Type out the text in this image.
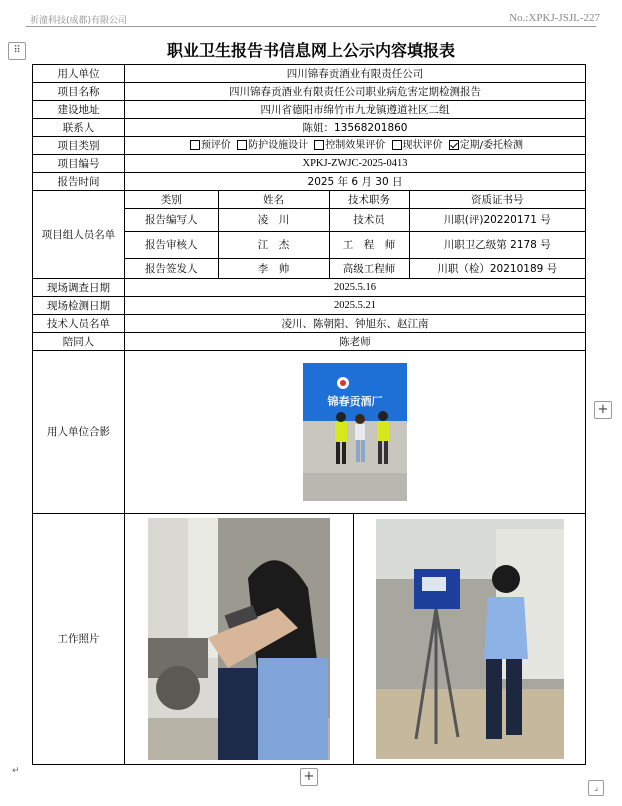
祈潼科技(成都)有限公司	No.:XPKJ-JSJL-227
⠿	职业卫生报告书信息网上公示内容填报表
用人单位	四川锦春贡酒业有限责任公司
项目名称	四川锦春贡酒业有限责任公司职业病危害定期检测报告
建设地址	四川省德阳市绵竹市九龙镇遵道社区二组
联系人	陈姐：13568201860
项目类别	预评价 防护设施设计 控制效果评价 现状评价 定期/委托检测
项目编号	XPKJ-ZWJC-2025-0413
报告时间	2025 年 6 月 30 日
项目组人员名单	
类别	姓名	技术职务	资质证书号
报告编写人	凌　川	技术员	川职(评)20220171 号
报告审核人	江　杰	工　程　师	川职卫乙级第 2178 号
报告签发人	李　帅	高级工程师	川职（检）20210189 号

现场调查日期	2025.5.16
现场检测日期	2025.5.21
技术人员名单	凌川、陈朝阳、钟旭东、赵江南
陪同人	陈老师
用人单位合影	
锦春贡酒厂

工作照片	

+
+
⌟
↵
